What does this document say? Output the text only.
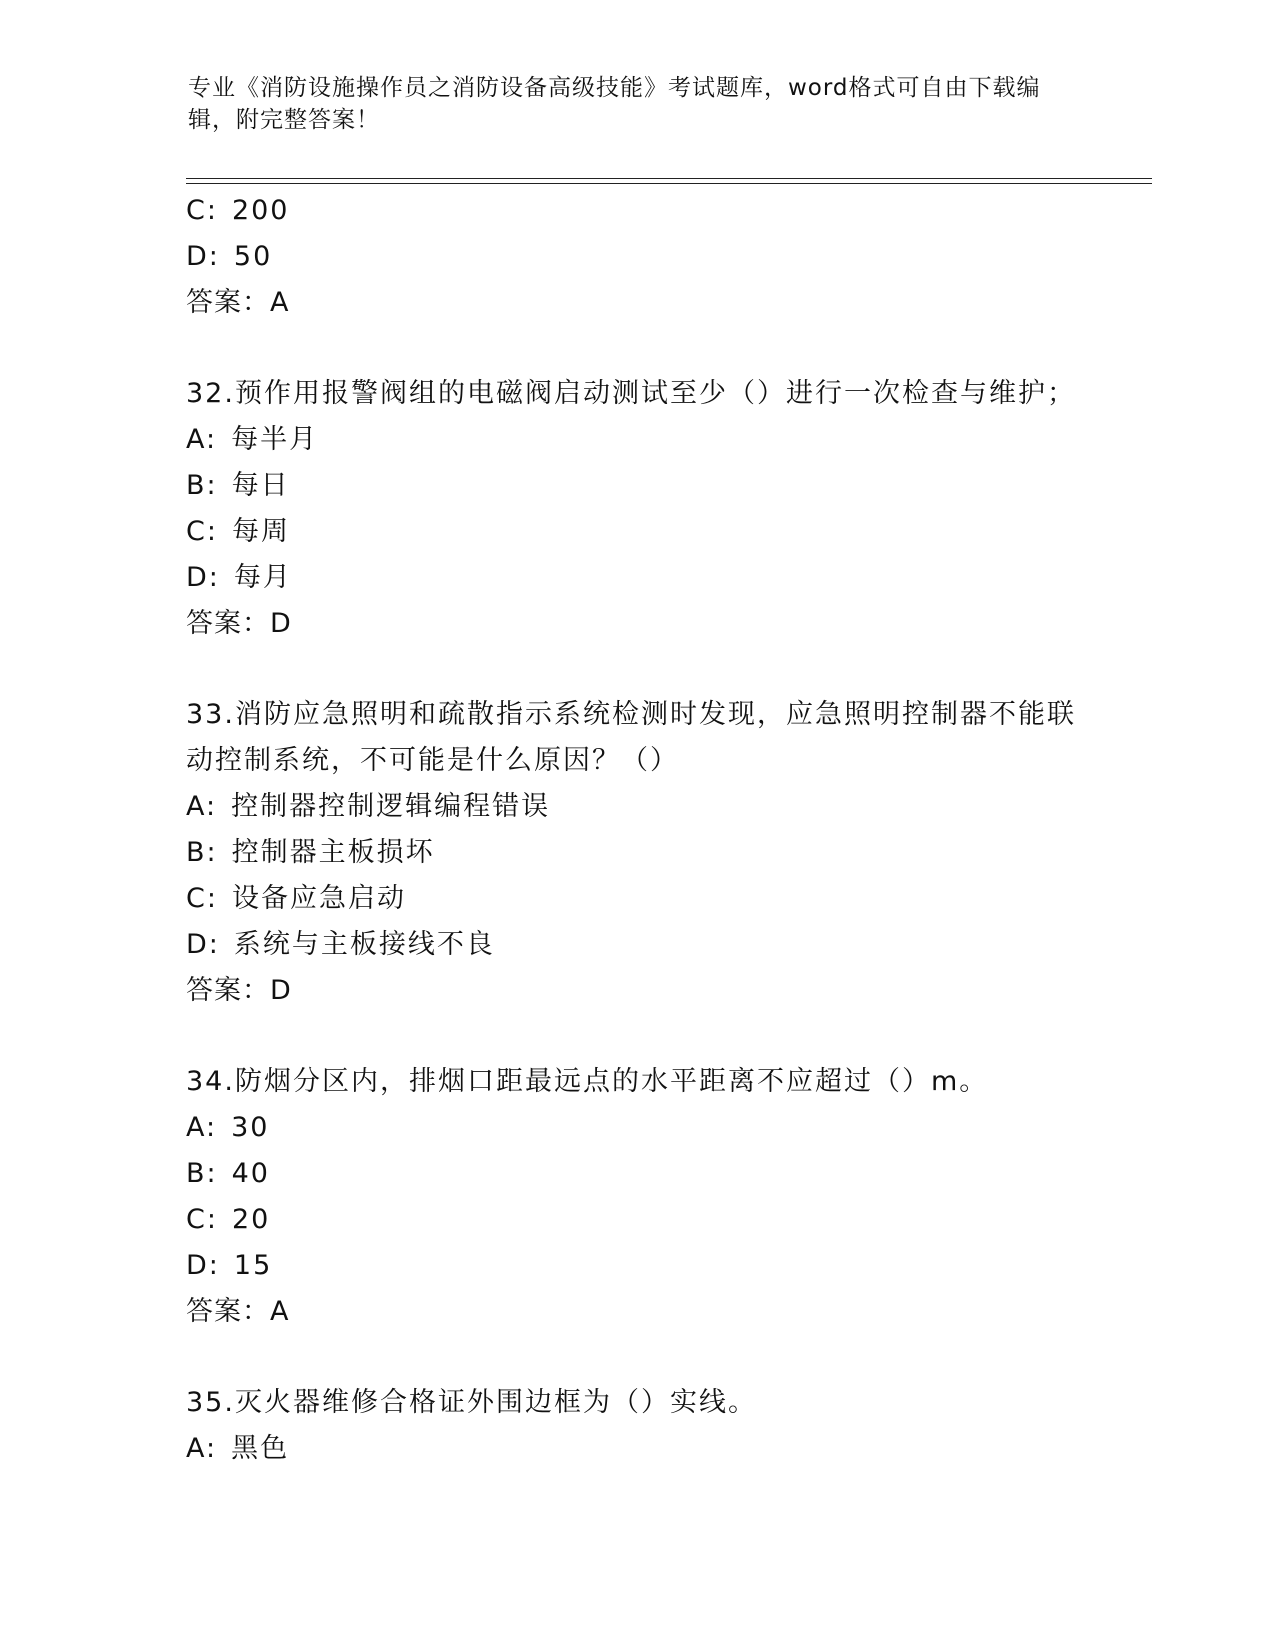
专业《消防设施操作员之消防设备高级技能》考试题库，word格式可自由下载编
辑，附完整答案！
C: 200
D: 50
答案：A
32.预作用报警阀组的电磁阀启动测试至少（）进行一次检查与维护；
A: 每半月
B: 每日
C: 每周
D: 每月
答案：D
33.消防应急照明和疏散指示系统检测时发现，应急照明控制器不能联
动控制系统，不可能是什么原因？（）
A: 控制器控制逻辑编程错误
B: 控制器主板损坏
C: 设备应急启动
D: 系统与主板接线不良
答案：D
34.防烟分区内，排烟口距最远点的水平距离不应超过（）m。
A: 30
B: 40
C: 20
D: 15
答案：A
35.灭火器维修合格证外围边框为（）实线。
A: 黑色
